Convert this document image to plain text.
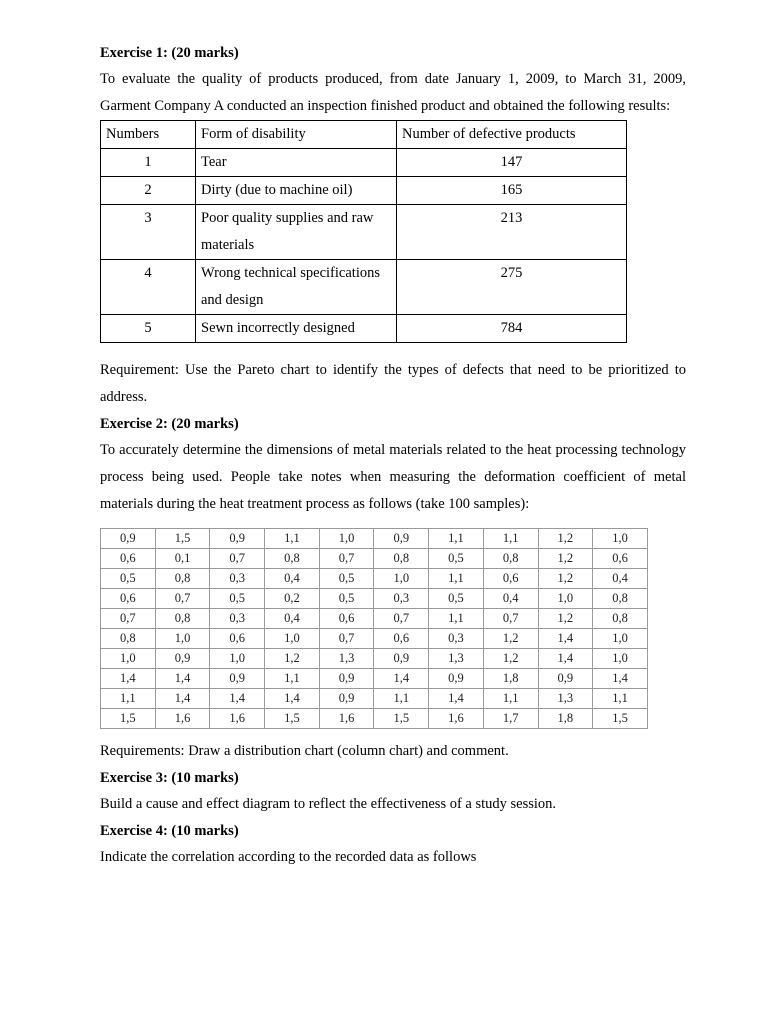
Exercise 1: (20 marks)
To evaluate the quality of products produced, from date January 1, 2009, to March 31, 2009, Garment Company A conducted an inspection finished product and obtained the following results:
Numbers	Form of disability	Number of defective products
1	Tear	147
2	Dirty (due to machine oil)	165
3	Poor quality supplies and raw materials	213
4	Wrong technical specifications and design	275
5	Sewn incorrectly designed	784
Requirement: Use the Pareto chart to identify the types of defects that need to be prioritized to address.
Exercise 2: (20 marks)
To accurately determine the dimensions of metal materials related to the heat processing technology process being used. People take notes when measuring the deformation coefficient of metal materials during the heat treatment process as follows (take 100 samples):
0,9	1,5	0,9	1,1	1,0	0,9	1,1	1,1	1,2	1,0
0,6	0,1	0,7	0,8	0,7	0,8	0,5	0,8	1,2	0,6
0,5	0,8	0,3	0,4	0,5	1,0	1,1	0,6	1,2	0,4
0,6	0,7	0,5	0,2	0,5	0,3	0,5	0,4	1,0	0,8
0,7	0,8	0,3	0,4	0,6	0,7	1,1	0,7	1,2	0,8
0,8	1,0	0,6	1,0	0,7	0,6	0,3	1,2	1,4	1,0
1,0	0,9	1,0	1,2	1,3	0,9	1,3	1,2	1,4	1,0
1,4	1,4	0,9	1,1	0,9	1,4	0,9	1,8	0,9	1,4
1,1	1,4	1,4	1,4	0,9	1,1	1,4	1,1	1,3	1,1
1,5	1,6	1,6	1,5	1,6	1,5	1,6	1,7	1,8	1,5
Requirements: Draw a distribution chart (column chart) and comment.
Exercise 3: (10 marks)
Build a cause and effect diagram to reflect the effectiveness of a study session.
Exercise 4: (10 marks)
Indicate the correlation according to the recorded data as follows
